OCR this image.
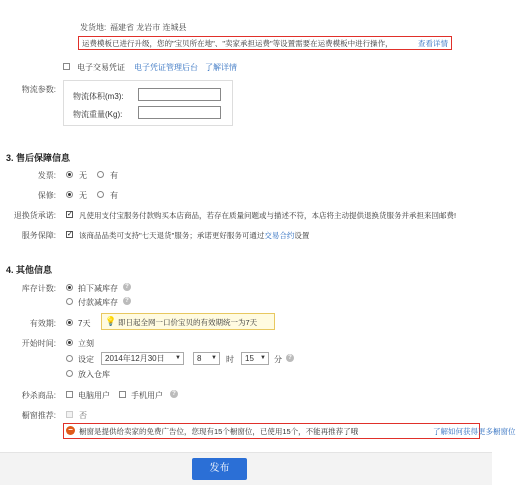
发货地: 福建省 龙岩市 连城县
运费模板已进行升级，您的"宝贝所在地"、"卖家承担运费"等设置需要在运费模板中进行操作，	查看详情
电子交易凭证 电子凭证管理后台 了解详情
物流参数:
物流体积(m3):
物流重量(Kg):
3. 售后保障信息
发票:	无	有
保修:	无	有
退换货承诺: ✓ 凡使用支付宝服务付款购买本店商品，若存在质量问题或与描述不符，本店将主动提供退换货服务并承担来回邮费!
服务保障: ✓ 该商品品类可支持"七天退货"服务；承诺更好服务可通过交易合约设置
4. 其他信息
库存计数:	拍下减库存	?
付款减库存	?
有效期:	7天 💡 即日起全网一口价宝贝的有效期统一为7天
开始时间:	立刻
设定	2014年12月30日 ▼	8 ▼ 时	15 ▼ 分	?
放入仓库
秒杀商品:	电脑用户	手机用户	?
橱窗推荐:	否
− 橱窗是提供给卖家的免费广告位，您现有15个橱窗位，已使用15个，不能再推荐了哦	了解如何获得更多橱窗位
发布
